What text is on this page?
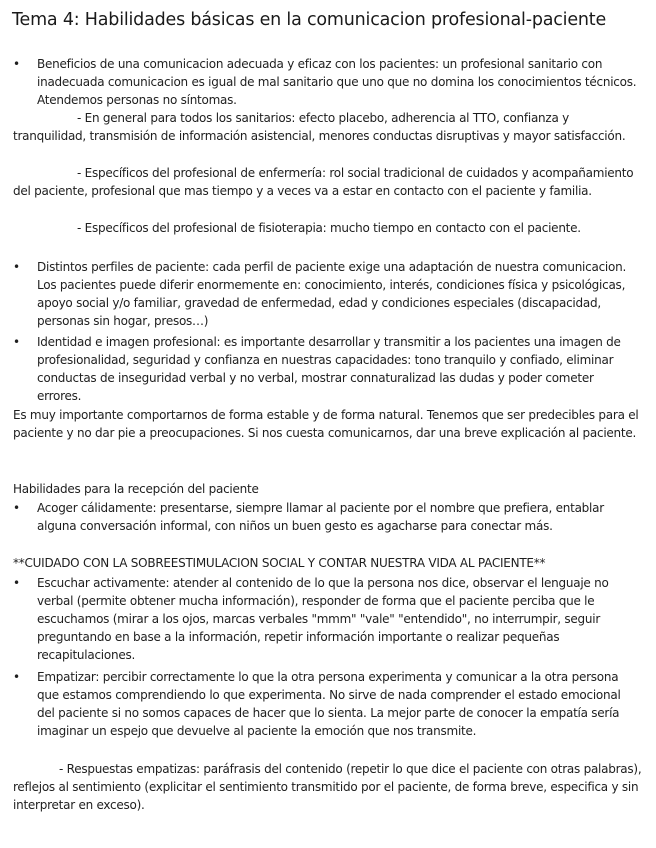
Tema 4: Habilidades básicas en la comunicacion profesional-paciente
•	Beneficios de una comunicacion adecuada y eficaz con los pacientes: un profesional sanitario con inadecuada comunicacion es igual de mal sanitario que uno que no domina los conocimientos técnicos. Atendemos personas no síntomas.
- En general para todos los sanitarios: efecto placebo, adherencia al TTO, confianza y tranquilidad, transmisión de información asistencial, menores conductas disruptivas y mayor satisfacción.
- Específicos del profesional de enfermería: rol social tradicional de cuidados y acompañamiento del paciente, profesional que mas tiempo y a veces va a estar en contacto con el paciente y familia.
- Específicos del profesional de fisioterapia: mucho tiempo en contacto con el paciente.
•	Distintos perfiles de paciente: cada perfil de paciente exige una adaptación de nuestra comunicacion. Los pacientes puede diferir enormemente en: conocimiento, interés, condiciones física y psicológicas, apoyo social y/o familiar, gravedad de enfermedad, edad y condiciones especiales (discapacidad, personas sin hogar, presos…)
•	Identidad e imagen profesional: es importante desarrollar y transmitir a los pacientes una imagen de profesionalidad, seguridad y confianza en nuestras capacidades: tono tranquilo y confiado, eliminar conductas de inseguridad verbal y no verbal, mostrar connaturalizad las dudas y poder cometer errores.
Es muy importante comportarnos de forma estable y de forma natural. Tenemos que ser predecibles para el paciente y no dar pie a preocupaciones. Si nos cuesta comunicarnos, dar una breve explicación al paciente.
Habilidades para la recepción del paciente
•	Acoger cálidamente: presentarse, siempre llamar al paciente por el nombre que prefiera, entablar alguna conversación informal, con niños un buen gesto es agacharse para conectar más.
**CUIDADO CON LA SOBREESTIMULACION SOCIAL Y CONTAR NUESTRA VIDA AL PACIENTE**
•	Escuchar activamente: atender al contenido de lo que la persona nos dice, observar el lenguaje no verbal (permite obtener mucha información), responder de forma que el paciente perciba que le escuchamos (mirar a los ojos, marcas verbales "mmm" "vale" "entendido", no interrumpir, seguir preguntando en base a la información, repetir información importante o realizar pequeñas recapitulaciones.
•	Empatizar: percibir correctamente lo que la otra persona experimenta y comunicar a la otra persona que estamos comprendiendo lo que experimenta. No sirve de nada comprender el estado emocional del paciente si no somos capaces de hacer que lo sienta. La mejor parte de conocer la empatía sería imaginar un espejo que devuelve al paciente la emoción que nos transmite.
- Respuestas empatizas: paráfrasis del contenido (repetir lo que dice el paciente con otras palabras), reflejos al sentimiento (explicitar el sentimiento transmitido por el paciente, de forma breve, especifica y sin interpretar en exceso).
